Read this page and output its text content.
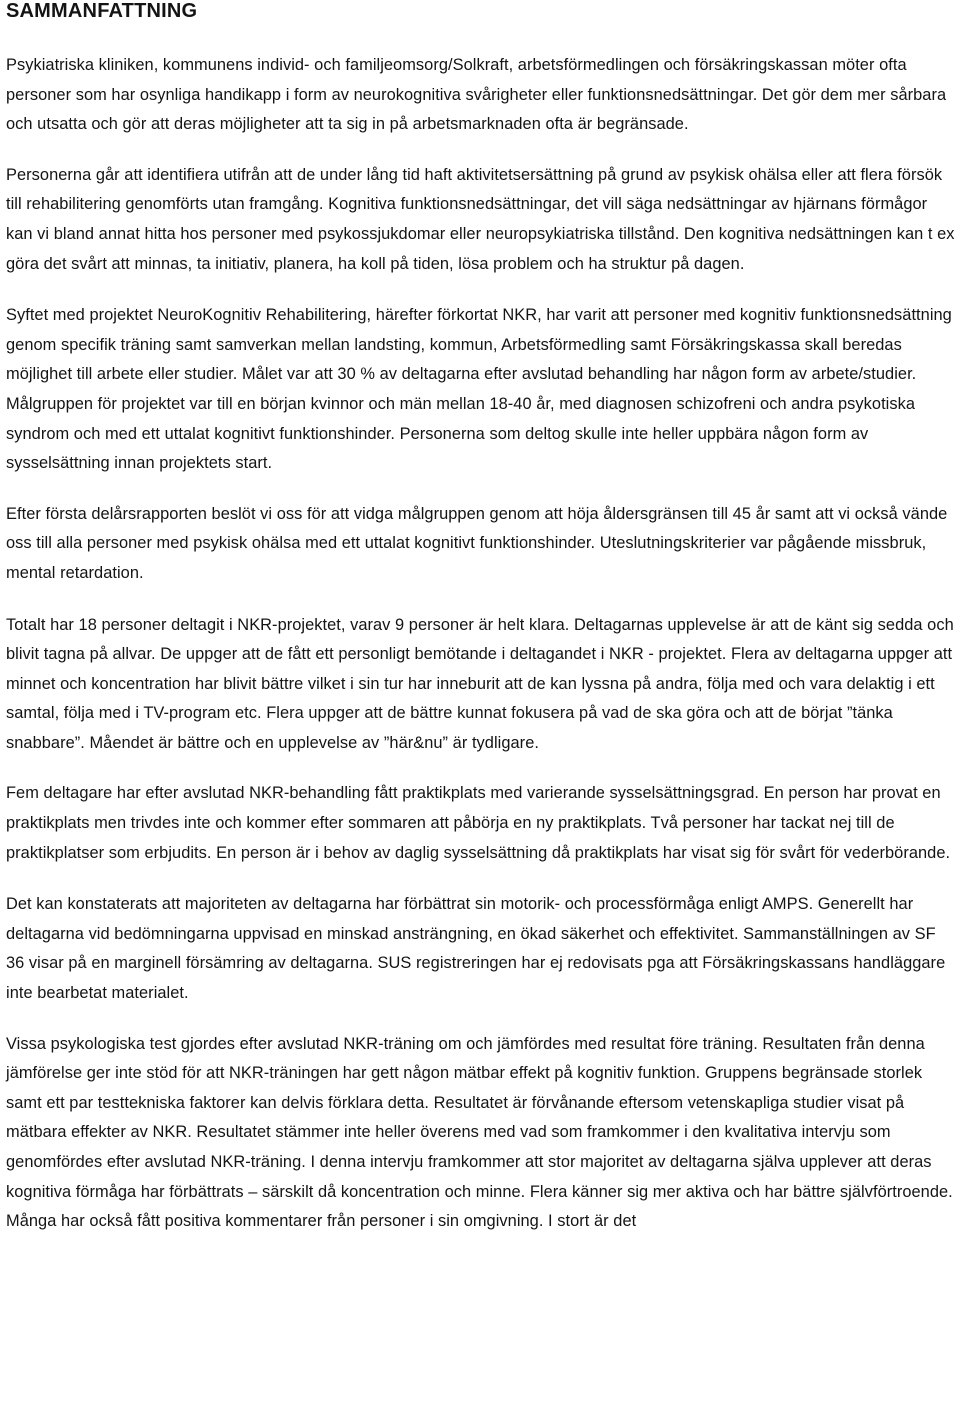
SAMMANFATTNING

Psykiatriska kliniken, kommunens individ- och familjeomsorg/Solkraft, arbetsförmedlingen och försäkringskassan möter ofta personer som har osynliga handikapp i form av neurokognitiva svårigheter eller funktionsnedsättningar. Det gör dem mer sårbara och utsatta och gör att deras möjligheter att ta sig in på arbetsmarknaden ofta är begränsade.

Personerna går att identifiera utifrån att de under lång tid haft aktivitetsersättning på grund av psykisk ohälsa eller att flera försök till rehabilitering genomförts utan framgång. Kognitiva funktionsnedsättningar, det vill säga nedsättningar av hjärnans förmågor kan vi bland annat hitta hos personer med psykossjukdomar eller neuropsykiatriska tillstånd. Den kognitiva nedsättningen kan t ex göra det svårt att minnas, ta initiativ, planera, ha koll på tiden, lösa problem och ha struktur på dagen.

Syftet med projektet NeuroKognitiv Rehabilitering, härefter förkortat NKR, har varit att personer med kognitiv funktionsnedsättning genom specifik träning samt samverkan mellan landsting, kommun, Arbetsförmedling samt Försäkringskassa skall beredas möjlighet till arbete eller studier. Målet var att 30 % av deltagarna efter avslutad behandling har någon form av arbete/studier. Målgruppen för projektet var till en början kvinnor och män mellan 18-40 år, med diagnosen schizofreni och andra psykotiska syndrom och med ett uttalat kognitivt funktionshinder. Personerna som deltog skulle inte heller uppbära någon form av sysselsättning innan projektets start.

Efter första delårsrapporten beslöt vi oss för att vidga målgruppen genom att höja åldersgränsen till 45 år samt att vi också vände oss till alla personer med psykisk ohälsa med ett uttalat kognitivt funktionshinder. Uteslutningskriterier var pågående missbruk, mental retardation.

Totalt har 18 personer deltagit i NKR-projektet, varav 9 personer är helt klara. Deltagarnas upplevelse är att de känt sig sedda och blivit tagna på allvar. De uppger att de fått ett personligt bemötande i deltagandet i NKR - projektet. Flera av deltagarna uppger att minnet och koncentration har blivit bättre vilket i sin tur har inneburit att de kan lyssna på andra, följa med och vara delaktig i ett samtal, följa med i TV-program etc. Flera uppger att de bättre kunnat fokusera på vad de ska göra och att de börjat ”tänka snabbare”. Måendet är bättre och en upplevelse av ”här&nu” är tydligare.

Fem deltagare har efter avslutad NKR-behandling fått praktikplats med varierande sysselsättningsgrad. En person har provat en praktikplats men trivdes inte och kommer efter sommaren att påbörja en ny praktikplats. Två personer har tackat nej till de praktikplatser som erbjudits. En person är i behov av daglig sysselsättning då praktikplats har visat sig för svårt för vederbörande.

Det kan konstaterats att majoriteten av deltagarna har förbättrat sin motorik- och processförmåga enligt AMPS. Generellt har deltagarna vid bedömningarna uppvisad en minskad ansträngning, en ökad säkerhet och effektivitet. Sammanställningen av SF 36 visar på en marginell försämring av deltagarna. SUS registreringen har ej redovisats pga att Försäkringskassans handläggare inte bearbetat materialet.

Vissa psykologiska test gjordes efter avslutad NKR-träning om och jämfördes med resultat före träning. Resultaten från denna jämförelse ger inte stöd för att NKR-träningen har gett någon mätbar effekt på kognitiv funktion. Gruppens begränsade storlek samt ett par testtekniska faktorer kan delvis förklara detta. Resultatet är förvånande eftersom vetenskapliga studier visat på mätbara effekter av NKR. Resultatet stämmer inte heller överens med vad som framkommer i den kvalitativa intervju som genomfördes efter avslutad NKR-träning. I denna intervju framkommer att stor majoritet av deltagarna själva upplever att deras kognitiva förmåga har förbättrats – särskilt då koncentration och minne. Flera känner sig mer aktiva och har bättre självförtroende. Många har också fått positiva kommentarer från personer i sin omgivning. I stort är det
